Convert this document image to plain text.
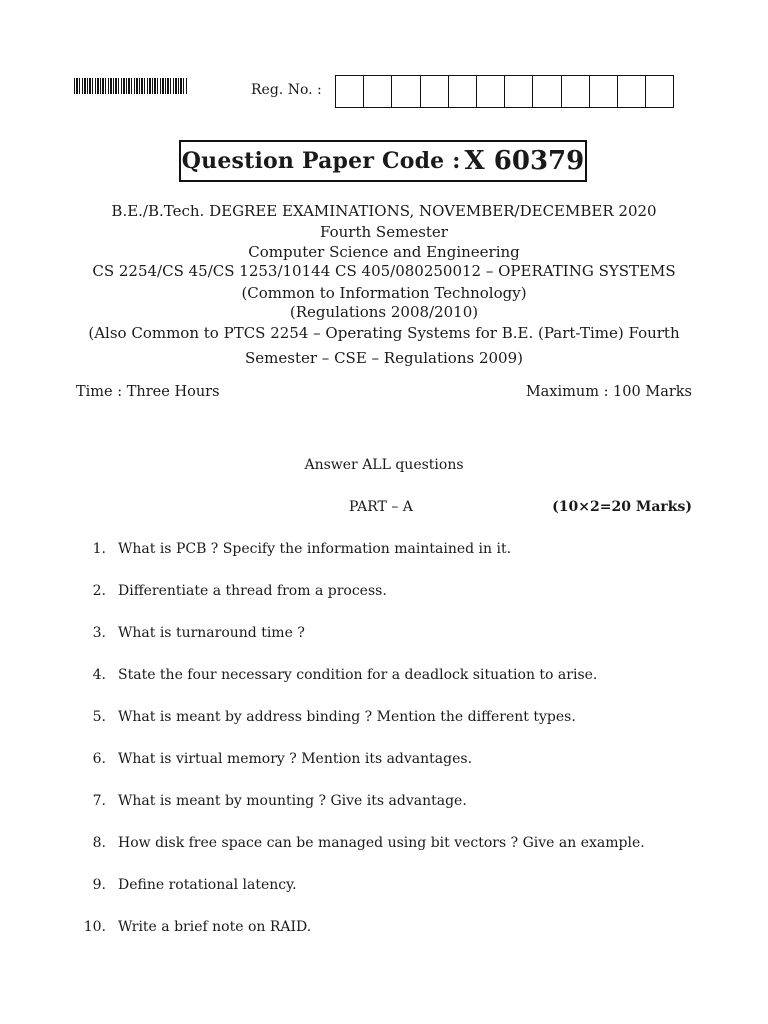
Reg. No. :
Question Paper Code : X 60379
B.E./B.Tech. DEGREE EXAMINATIONS, NOVEMBER/DECEMBER 2020
Fourth Semester
Computer Science and Engineering
CS 2254/CS 45/CS 1253/10144 CS 405/080250012 – OPERATING SYSTEMS
(Common to Information Technology)
(Regulations 2008/2010)
(Also Common to PTCS 2254 – Operating Systems for B.E. (Part-Time) Fourth
Semester – CSE – Regulations 2009)
Time : Three Hours	Maximum : 100 Marks
Answer ALL questions
PART – A	(10×2=20 Marks)
1. What is PCB ? Specify the information maintained in it.
2. Differentiate a thread from a process.
3. What is turnaround time ?
4. State the four necessary condition for a deadlock situation to arise.
5. What is meant by address binding ? Mention the different types.
6. What is virtual memory ? Mention its advantages.
7. What is meant by mounting ? Give its advantage.
8. How disk free space can be managed using bit vectors ? Give an example.
9. Define rotational latency.
10. Write a brief note on RAID.
